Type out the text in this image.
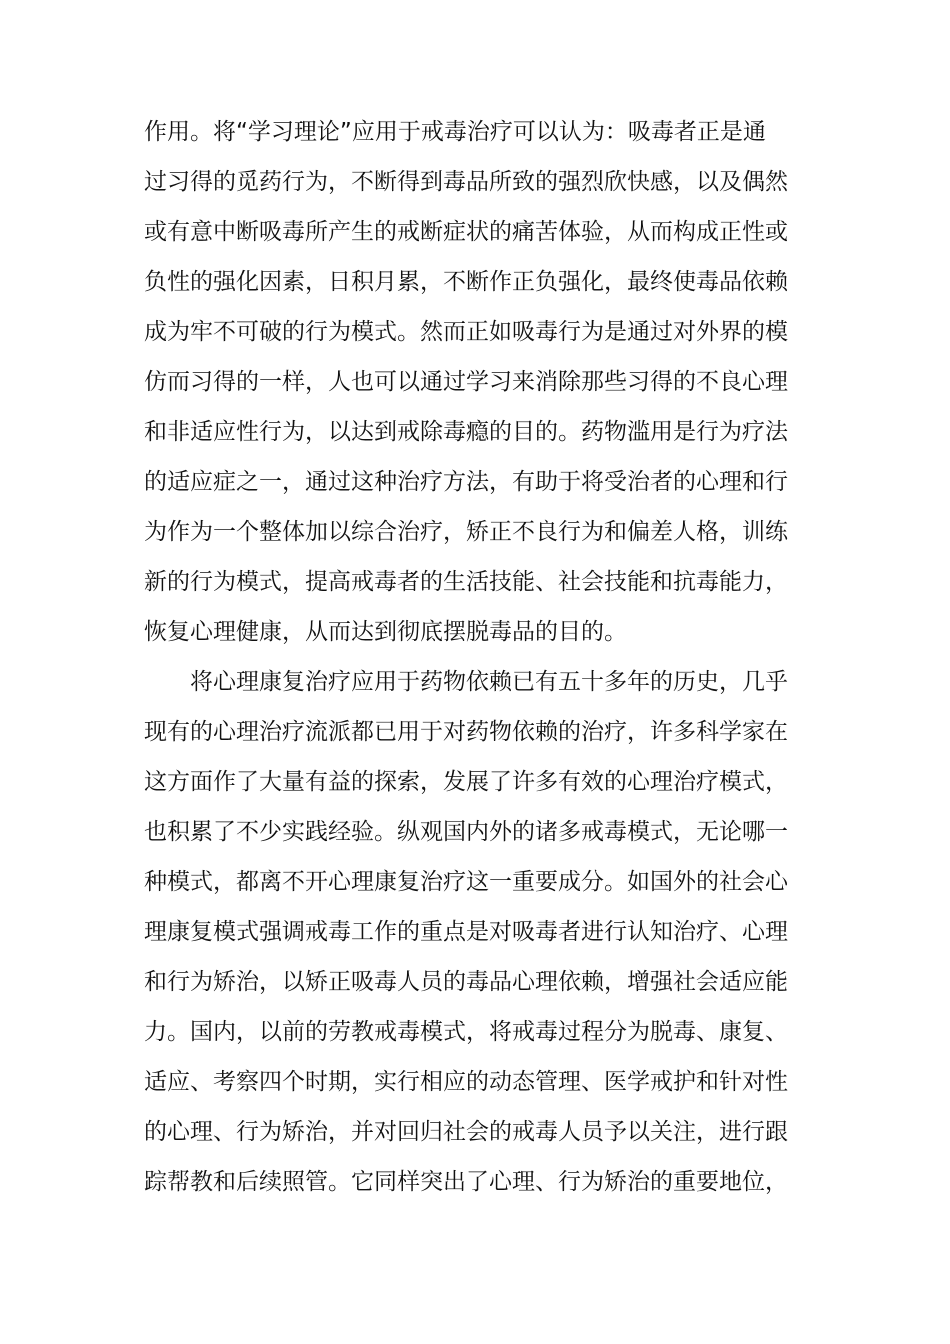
作用。将“学习理论”应用于戒毒治疗可以认为：吸毒者正是通
过习得的觅药行为，不断得到毒品所致的强烈欣快感，以及偶然
或有意中断吸毒所产生的戒断症状的痛苦体验，从而构成正性或
负性的强化因素，日积月累，不断作正负强化，最终使毒品依赖
成为牢不可破的行为模式。然而正如吸毒行为是通过对外界的模
仿而习得的一样，人也可以通过学习来消除那些习得的不良心理
和非适应性行为，以达到戒除毒瘾的目的。药物滥用是行为疗法
的适应症之一，通过这种治疗方法，有助于将受治者的心理和行
为作为一个整体加以综合治疗，矫正不良行为和偏差人格，训练
新的行为模式，提高戒毒者的生活技能、社会技能和抗毒能力，
恢复心理健康，从而达到彻底摆脱毒品的目的。
将心理康复治疗应用于药物依赖已有五十多年的历史，几乎
现有的心理治疗流派都已用于对药物依赖的治疗，许多科学家在
这方面作了大量有益的探索，发展了许多有效的心理治疗模式，
也积累了不少实践经验。纵观国内外的诸多戒毒模式，无论哪一
种模式，都离不开心理康复治疗这一重要成分。如国外的社会心
理康复模式强调戒毒工作的重点是对吸毒者进行认知治疗、心理
和行为矫治，以矫正吸毒人员的毒品心理依赖，增强社会适应能
力。国内，以前的劳教戒毒模式，将戒毒过程分为脱毒、康复、
适应、考察四个时期，实行相应的动态管理、医学戒护和针对性
的心理、行为矫治，并对回归社会的戒毒人员予以关注，进行跟
踪帮教和后续照管。它同样突出了心理、行为矫治的重要地位，
